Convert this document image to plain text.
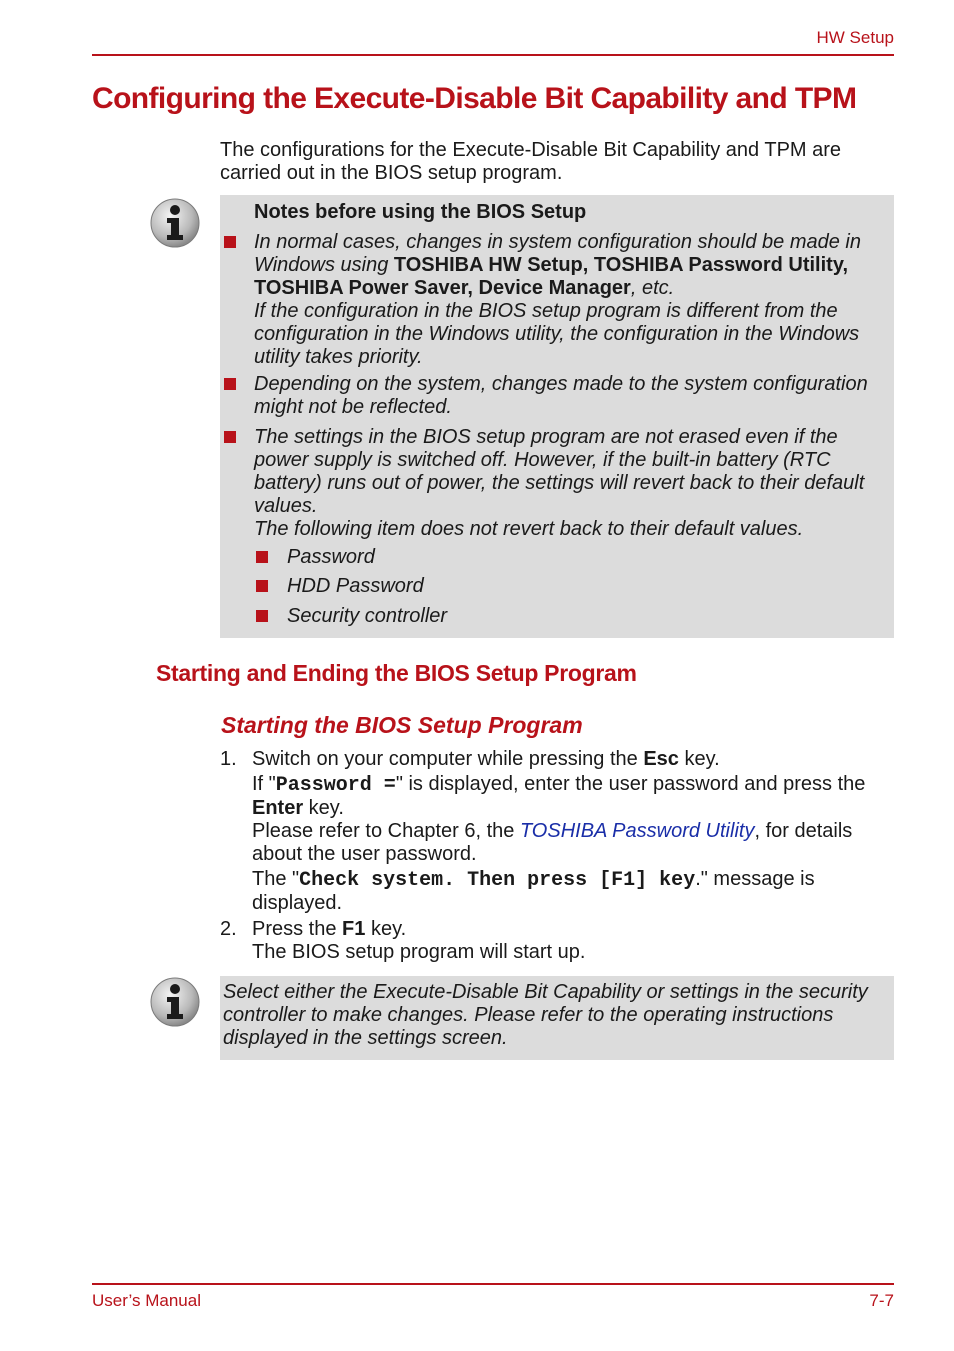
HW Setup
Configuring the Execute-Disable Bit Capability and TPM
The configurations for the Execute-Disable Bit Capability and TPM are carried out in the BIOS setup program.
Notes before using the BIOS Setup
In normal cases, changes in system configuration should be made in Windows using TOSHIBA HW Setup, TOSHIBA Password Utility,
TOSHIBA Power Saver, Device Manager, etc.
If the configuration in the BIOS setup program is different from the configuration in the Windows utility, the configuration in the Windows utility takes priority.
Depending on the system, changes made to the system configuration might not be reflected.
The settings in the BIOS setup program are not erased even if the power supply is switched off. However, if the built-in battery (RTC battery) runs out of power, the settings will revert back to their default values.
The following item does not revert back to their default values.
Password
HDD Password
Security controller
Starting and Ending the BIOS Setup Program
Starting the BIOS Setup Program
1. Switch on your computer while pressing the Esc key.
If "Password =" is displayed, enter the user password and press the
Enter key.
Please refer to Chapter 6, the TOSHIBA Password Utility, for details about the user password.
The "Check system. Then press [F1] key." message is displayed.
2. Press the F1 key.
The BIOS setup program will start up.
Select either the Execute-Disable Bit Capability or settings in the security controller to make changes. Please refer to the operating instructions displayed in the settings screen.
User’s Manual	7-7
